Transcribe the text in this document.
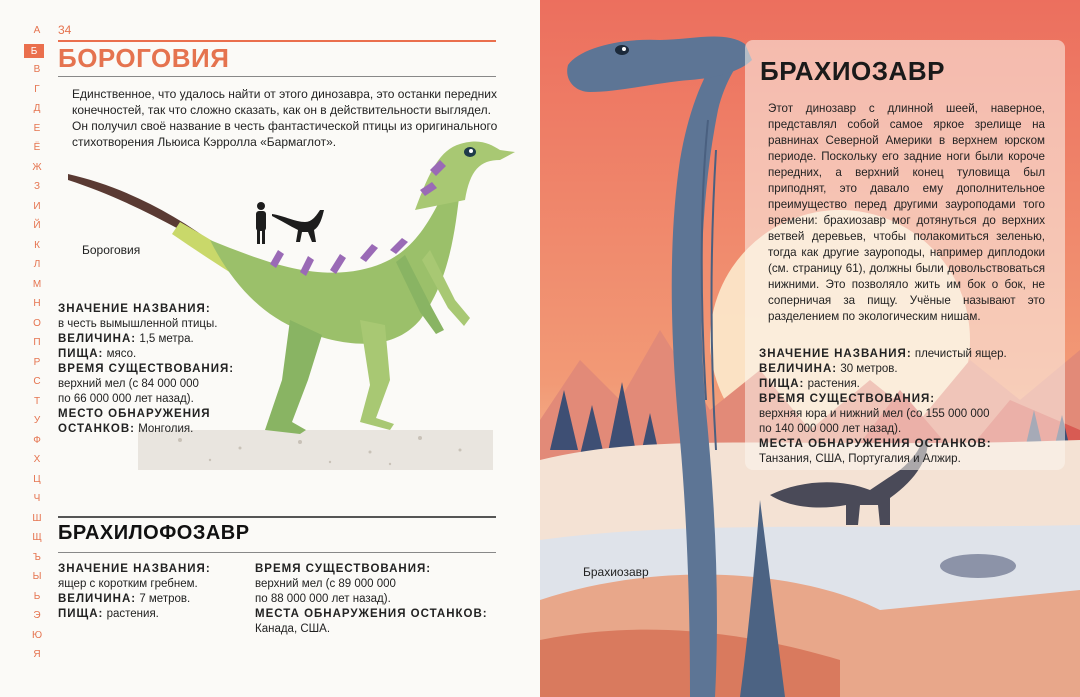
А
Б
В
Г
Д
Е
Ё
Ж
З
И
Й
К
Л
М
Н
О
П
Р
С
Т
У
Ф
Х
Ц
Ч
Ш
Щ
Ъ
Ы
Ь
Э
Ю
Я
34
БОРОГОВИЯ
Единственное, что удалось найти от этого динозавра, это останки передних конечностей, так что сложно сказать, как он в действительности выглядел. Он получил своё название в честь фантастической птицы из оригинального стихотворения Льюиса Кэрролла «Бармаглот».
Бороговия
ЗНАЧЕНИЕ НАЗВАНИЯ:
в честь вымышленной птицы.
ВЕЛИЧИНА: 1,5 метра.
ПИЩА: мясо.
ВРЕМЯ СУЩЕСТВОВАНИЯ:
верхний мел (с 84 000 000
по 66 000 000 лет назад).
МЕСТО ОБНАРУЖЕНИЯ
ОСТАНКОВ: Монголия.
БРАХИЛОФОЗАВР
ЗНАЧЕНИЕ НАЗВАНИЯ:
ящер с коротким гребнем.
ВЕЛИЧИНА: 7 метров.
ПИЩА: растения.
ВРЕМЯ СУЩЕСТВОВАНИЯ:
верхний мел (с 89 000 000
по 88 000 000 лет назад).
МЕСТА ОБНАРУЖЕНИЯ ОСТАНКОВ:
Канада, США.
БРАХИОЗАВР
Этот динозавр с длинной шеей, наверное, представлял собой самое яркое зрелище на равнинах Северной Америки в верхнем юрском периоде. Поскольку его задние ноги были короче передних, а верхний конец туловища был приподнят, это давало ему дополнительное преимущество перед другими зауроподами того времени: брахиозавр мог дотянуться до верхних ветвей деревьев, чтобы полакомиться зеленью, тогда как другие зауроподы, например диплодоки (см. страницу 61), должны были довольствоваться нижними. Это позволяло жить им бок о бок, не соперничая за пищу. Учёные называют это разделением по экологическим нишам.
ЗНАЧЕНИЕ НАЗВАНИЯ: плечистый ящер.
ВЕЛИЧИНА: 30 метров.
ПИЩА: растения.
ВРЕМЯ СУЩЕСТВОВАНИЯ:
верхняя юра и нижний мел (со 155 000 000
по 140 000 000 лет назад).
МЕСТА ОБНАРУЖЕНИЯ ОСТАНКОВ:
Танзания, США, Португалия и Алжир.
Брахиозавр
